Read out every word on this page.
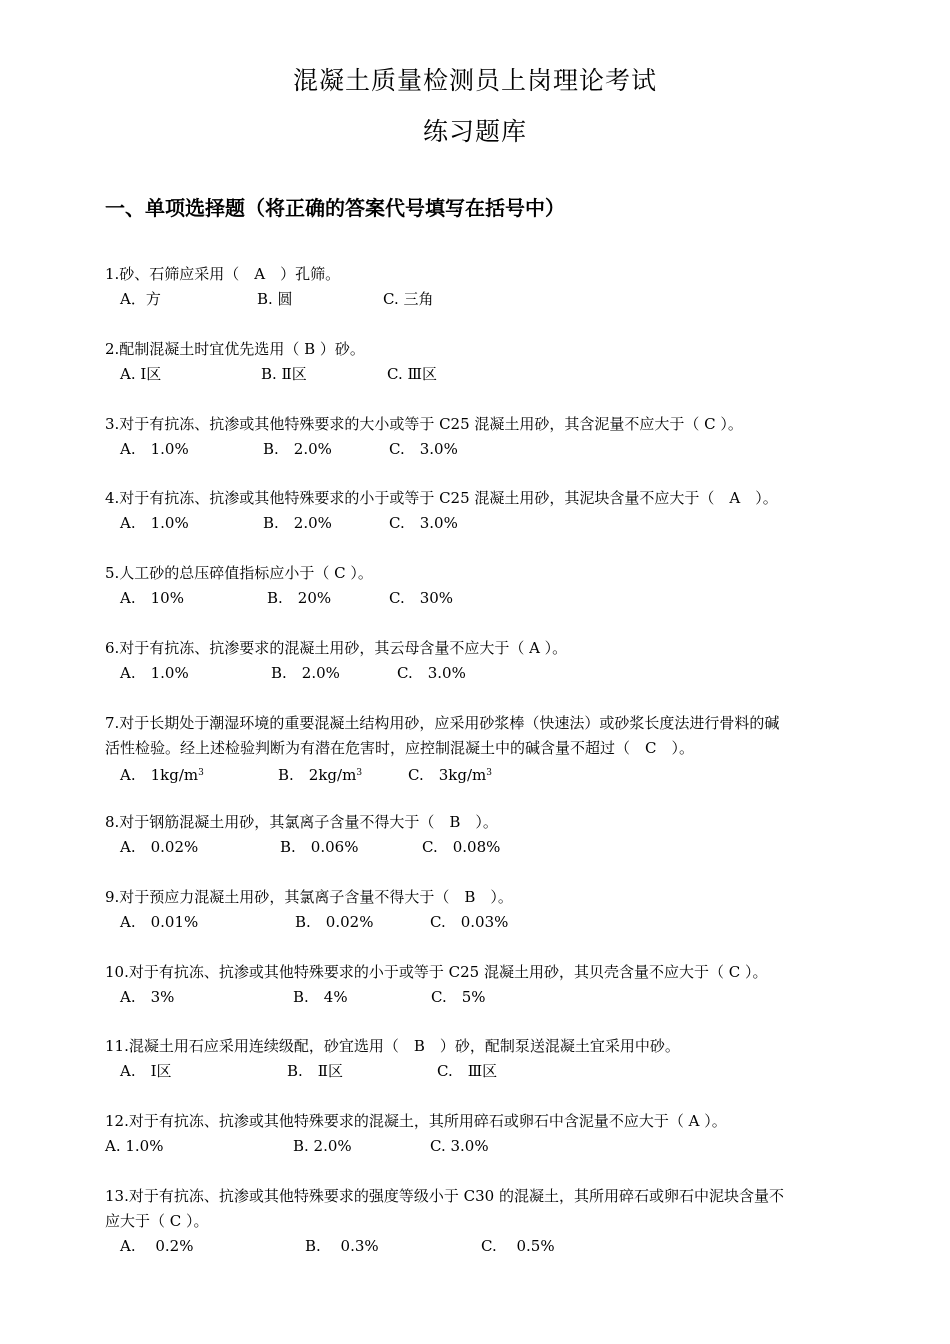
混凝土质量检测员上岗理论考试
练习题库
一、单项选择题（将正确的答案代号填写在括号中）
1.砂、石筛应采用（　A　）孔筛。
A．方	B. 圆	C. 三角
2.配制混凝土时宜优先选用（ B ）砂。
A. Ⅰ区	B. Ⅱ区	C. Ⅲ区
3.对于有抗冻、抗渗或其他特殊要求的大小或等于 C25 混凝土用砂，其含泥量不应大于（ C ）。
A.　1.0%	B.　2.0%	C.　3.0%
4.对于有抗冻、抗渗或其他特殊要求的小于或等于 C25 混凝土用砂，其泥块含量不应大于（　A　）。
A.　1.0%	B.　2.0%	C.　3.0%
5.人工砂的总压碎值指标应小于（ C ）。
A.　10%	B.　20%	C.　30%
6.对于有抗冻、抗渗要求的混凝土用砂，其云母含量不应大于（ A ）。
A.　1.0%	B.　2.0%	C.　3.0%
7.对于长期处于潮湿环境的重要混凝土结构用砂，应采用砂浆棒（快速法）或砂浆长度法进行骨料的碱
活性检验。经上述检验判断为有潜在危害时，应控制混凝土中的碱含量不超过（　C　）。
A.　$1kg/m^3$	B.　$2kg/m^3$	C.　$3kg/m^3$
8.对于钢筋混凝土用砂，其氯离子含量不得大于（　B　）。
A.　0.02%	B.　0.06%	C.　0.08%
9.对于预应力混凝土用砂，其氯离子含量不得大于（　B　）。
A.　0.01%	B.　0.02%	C.　0.03%
10.对于有抗冻、抗渗或其他特殊要求的小于或等于 C25 混凝土用砂，其贝壳含量不应大于（ C ）。
A.　3%	B.　4%	C.　5%
11.混凝土用石应采用连续级配，砂宜选用（　B　）砂，配制泵送混凝土宜采用中砂。
A.　Ⅰ区	B.　Ⅱ区	C.　Ⅲ区
12.对于有抗冻、抗渗或其他特殊要求的混凝土，其所用碎石或卵石中含泥量不应大于（ A ）。
A. 1.0%	B. 2.0%	C. 3.0%
13.对于有抗冻、抗渗或其他特殊要求的强度等级小于 C30 的混凝土，其所用碎石或卵石中泥块含量不
应大于（ C ）。
A.　 0.2%	B.　 0.3%	C.　 0.5%
